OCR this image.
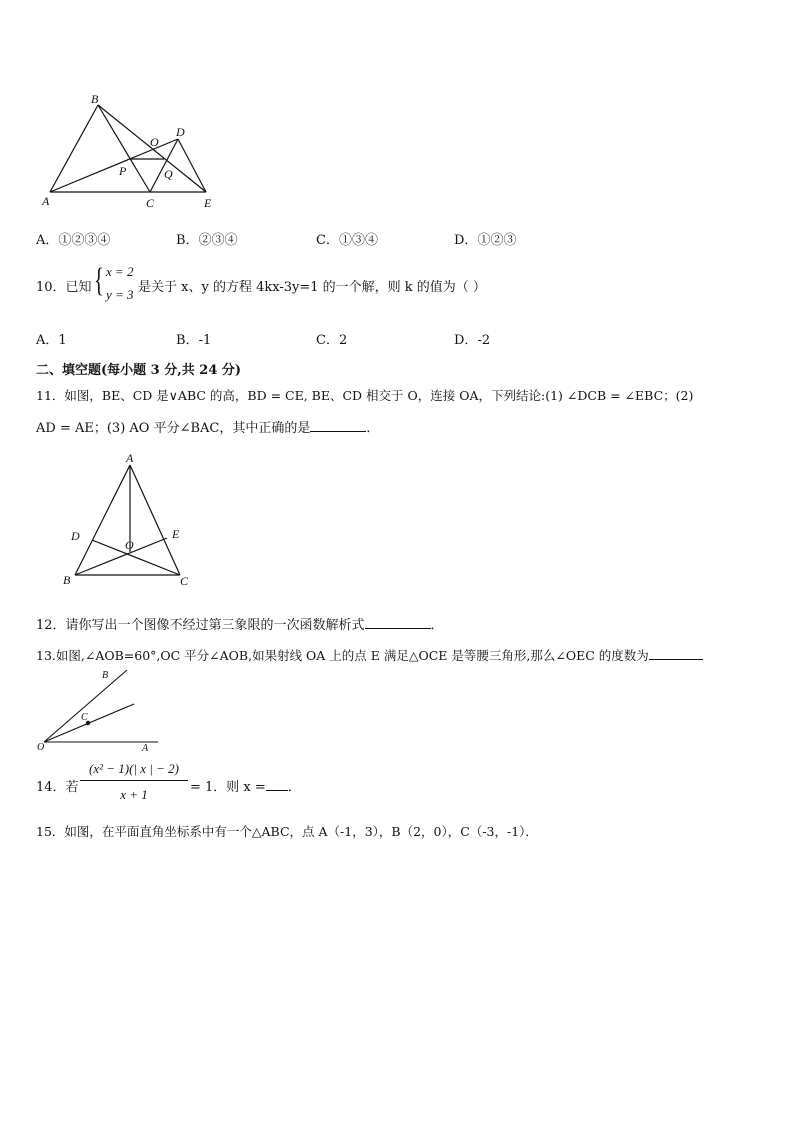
B
O
D
P	Q
A	C	E
A．①②③④	B．②③④	C．①③④	D．①②③
10．已知 { x = 2
y = 3 是关于 x、y 的方程 4kx-3y=1 的一个解，则 k 的值为（ ）
A．1	B．-1	C．2	D．-2
二、填空题(每小题 3 分,共 24 分)
11．如图，BE、CD 是∨ABC 的高，BD = CE, BE、CD 相交于 O，连接 OA，下列结论:(1) ∠DCB = ∠EBC；(2)
AD = AE；(3) AO 平分∠BAC，其中正确的是	．
A
D	E
O
B	C
12．请你写出一个图像不经过第三象限的一次函数解析式	．
13.如图,∠AOB=60°,OC 平分∠AOB,如果射线 OA 上的点 E 满足△OCE 是等腰三角形,那么∠OEC 的度数为
B
C
O	A
14．若
(x² − 1)(| x | − 2)
x + 1	= 1．则 x = ．
15．如图，在平面直角坐标系中有一个△ABC，点 A（-1，3），B（2，0），C（-3，-1）．
